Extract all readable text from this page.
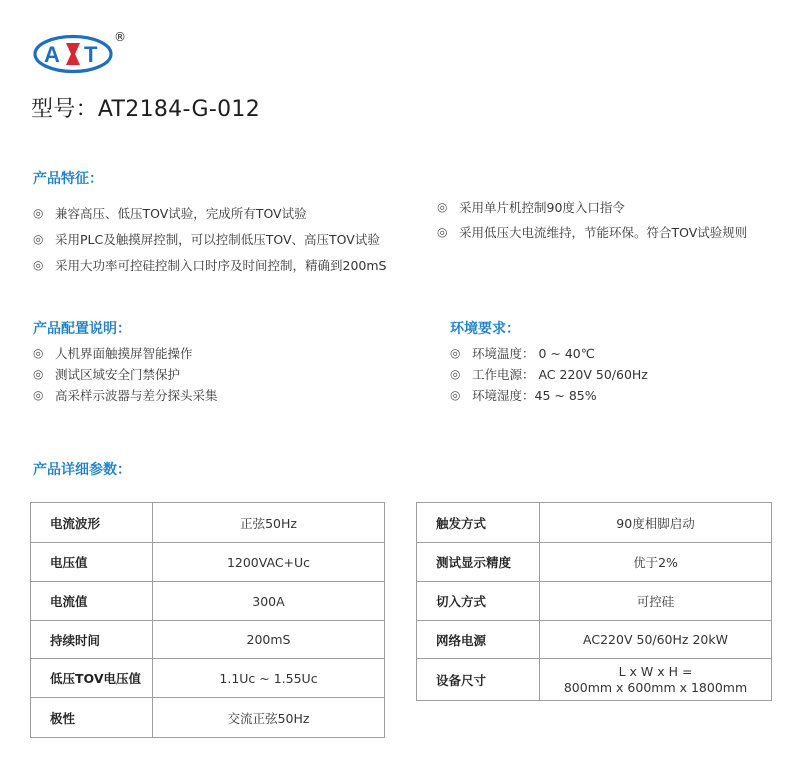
A T
®
型号：AT2184-G-012
产品特征：
◎ 兼容高压、低压TOV试验，完成所有TOV试验
◎ 采用PLC及触摸屏控制，可以控制低压TOV、高压TOV试验
◎ 采用大功率可控硅控制入口时序及时间控制，精确到200mS
◎ 采用单片机控制90度入口指令
◎ 采用低压大电流维持，节能环保。符合TOV试验规则
产品配置说明：
◎ 人机界面触摸屏智能操作
◎ 测试区域安全门禁保护
◎ 高采样示波器与差分探头采集
环境要求：
◎ 环境温度： 0 ~ 40℃
◎ 工作电源： AC 220V 50/60Hz
◎ 环境湿度：45 ~ 85%
产品详细参数：
电流波形	正弦50Hz
电压值	1200VAC+Uc
电流值	300A
持续时间	200mS
低压TOV电压值	1.1Uc ~ 1.55Uc
极性	交流正弦50Hz
触发方式	90度相脚启动
测试显示精度	优于2%
切入方式	可控硅
网络电源	AC220V 50/60Hz 20kW
设备尺寸	L x W x H =
800mm x 600mm x 1800mm
